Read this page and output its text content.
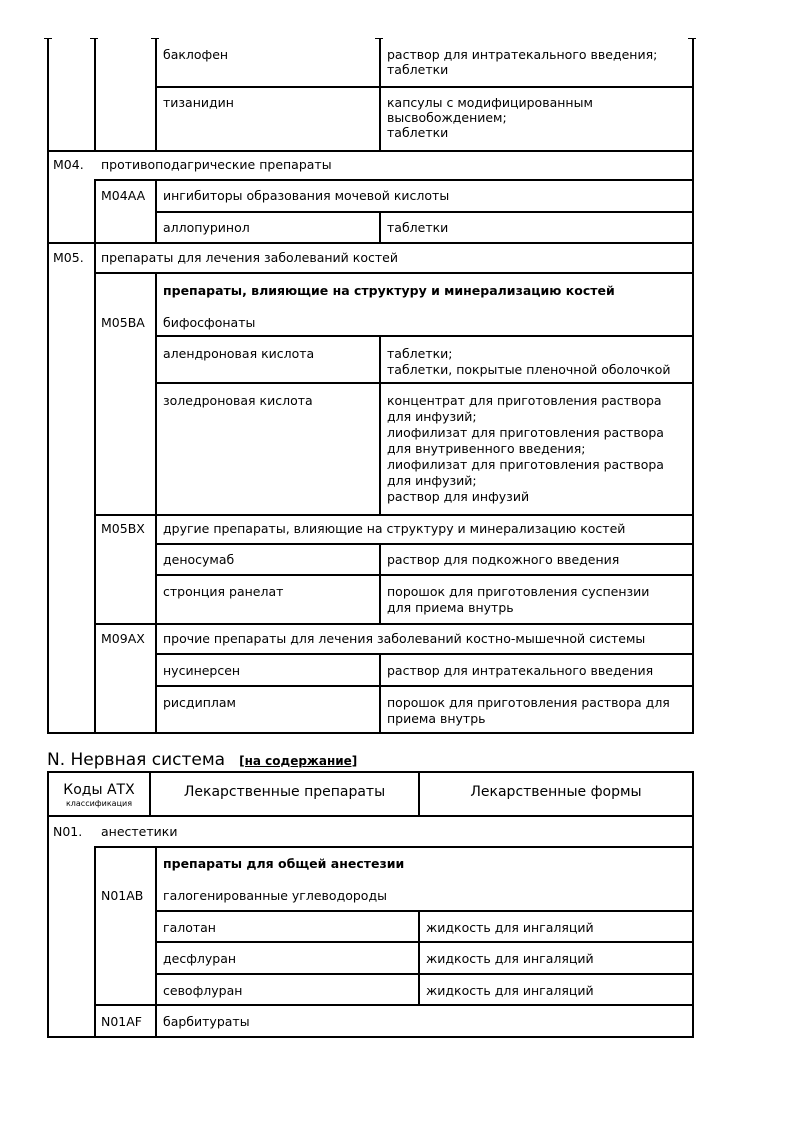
баклофен	раствор для интратекального введения;
таблетки
тизанидин	капсулы с модифицированным
высвобождением;
таблетки
M04. противоподагрические препараты
M04AA ингибиторы образования мочевой кислоты
аллопуринол	таблетки
M05. препараты для лечения заболеваний костей
препараты, влияющие на структуру и минерализацию костей
M05BA бифосфонаты
алендроновая кислота	таблетки;
таблетки, покрытые пленочной оболочкой
золедроновая кислота	концентрат для приготовления раствора
для инфузий;
лиофилизат для приготовления раствора
для внутривенного введения;
лиофилизат для приготовления раствора
для инфузий;
раствор для инфузий
M05BX другие препараты, влияющие на структуру и минерализацию костей
деносумаб	раствор для подкожного введения
стронция ранелат	порошок для приготовления суспензии
для приема внутрь
M09AX прочие препараты для лечения заболеваний костно-мышечной системы
нусинерсен	раствор для интратекального введения
рисдиплам	порошок для приготовления раствора для
приема внутрь
N. Нервная система [на содержание]
Коды АТХ
классификация
Лекарственные препараты	Лекарственные формы
N01. анестетики
препараты для общей анестезии
N01AB галогенированные углеводороды
галотан	жидкость для ингаляций
десфлуран	жидкость для ингаляций
севофлуран	жидкость для ингаляций
N01AF барбитураты
